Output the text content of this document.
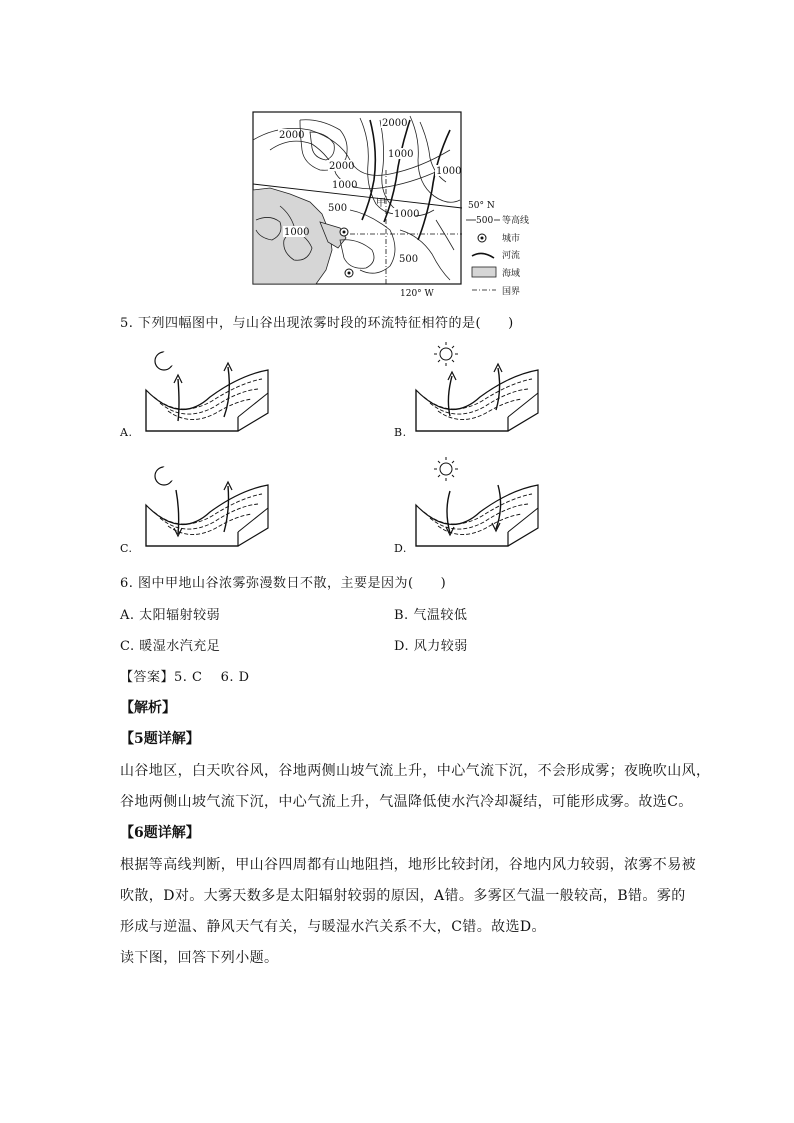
2000
2000
1000
2000
1000
1000
500
1000
1000
500
甲	50° N
120° W
500 等高线
城市
河流
海域
国界
5. 下列四幅图中，与山谷出现浓雾时段的环流特征相符的是(　　)
A.	B.
C.	D.
6. 图中甲地山谷浓雾弥漫数日不散，主要是因为(　　)
A. 太阳辐射较弱	B. 气温较低
C. 暖湿水汽充足	D. 风力较弱
【答案】5. C　 6. D
【解析】
【5题详解】
山谷地区，白天吹谷风，谷地两侧山坡气流上升，中心气流下沉，不会形成雾；夜晚吹山风，
谷地两侧山坡气流下沉，中心气流上升，气温降低使水汽冷却凝结，可能形成雾。故选C。
【6题详解】
根据等高线判断，甲山谷四周都有山地阻挡，地形比较封闭，谷地内风力较弱，浓雾不易被
吹散，D对。大雾天数多是太阳辐射较弱的原因，A错。多雾区气温一般较高，B错。雾的
形成与逆温、静风天气有关，与暖湿水汽关系不大，C错。故选D。
读下图，回答下列小题。
